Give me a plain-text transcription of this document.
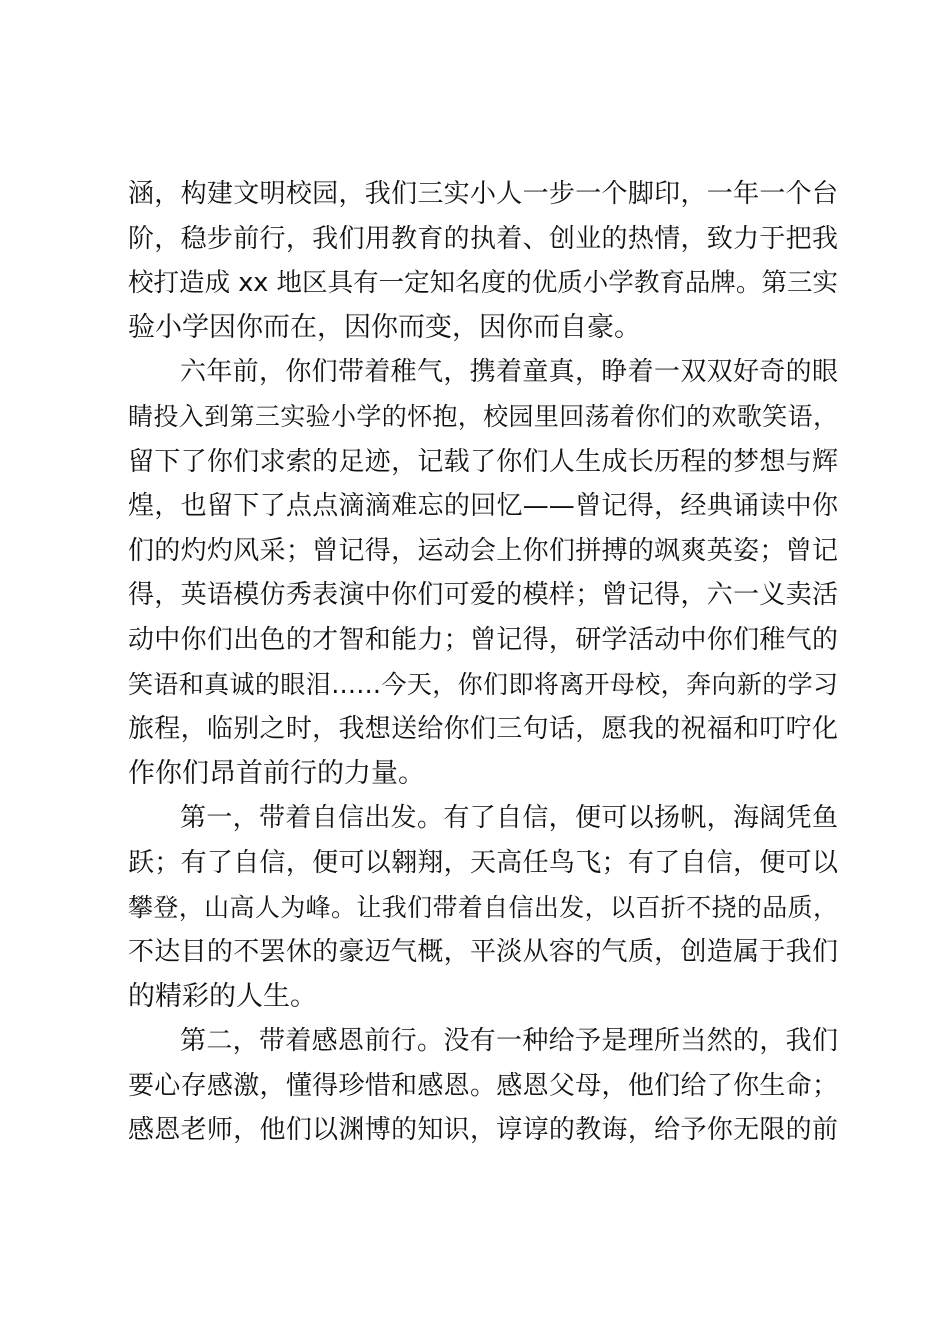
涵，构建文明校园，我们三实小人一步一个脚印，一年一个台
阶，稳步前行，我们用教育的执着、创业的热情，致力于把我
校打造成 xx 地区具有一定知名度的优质小学教育品牌。第三实
验小学因你而在，因你而变，因你而自豪。
六年前，你们带着稚气，携着童真，睁着一双双好奇的眼
睛投入到第三实验小学的怀抱，校园里回荡着你们的欢歌笑语，
留下了你们求索的足迹，记载了你们人生成长历程的梦想与辉
煌，也留下了点点滴滴难忘的回忆——曾记得，经典诵读中你
们的灼灼风采；曾记得，运动会上你们拼搏的飒爽英姿；曾记
得，英语模仿秀表演中你们可爱的模样；曾记得，六一义卖活
动中你们出色的才智和能力；曾记得，研学活动中你们稚气的
笑语和真诚的眼泪……今天，你们即将离开母校，奔向新的学习
旅程，临别之时，我想送给你们三句话，愿我的祝福和叮咛化
作你们昂首前行的力量。
第一，带着自信出发。有了自信，便可以扬帆，海阔凭鱼
跃；有了自信，便可以翱翔，天高任鸟飞；有了自信，便可以
攀登，山高人为峰。让我们带着自信出发，以百折不挠的品质，
不达目的不罢休的豪迈气概，平淡从容的气质，创造属于我们
的精彩的人生。
第二，带着感恩前行。没有一种给予是理所当然的，我们
要心存感激，懂得珍惜和感恩。感恩父母，他们给了你生命；
感恩老师，他们以渊博的知识，谆谆的教诲，给予你无限的前
